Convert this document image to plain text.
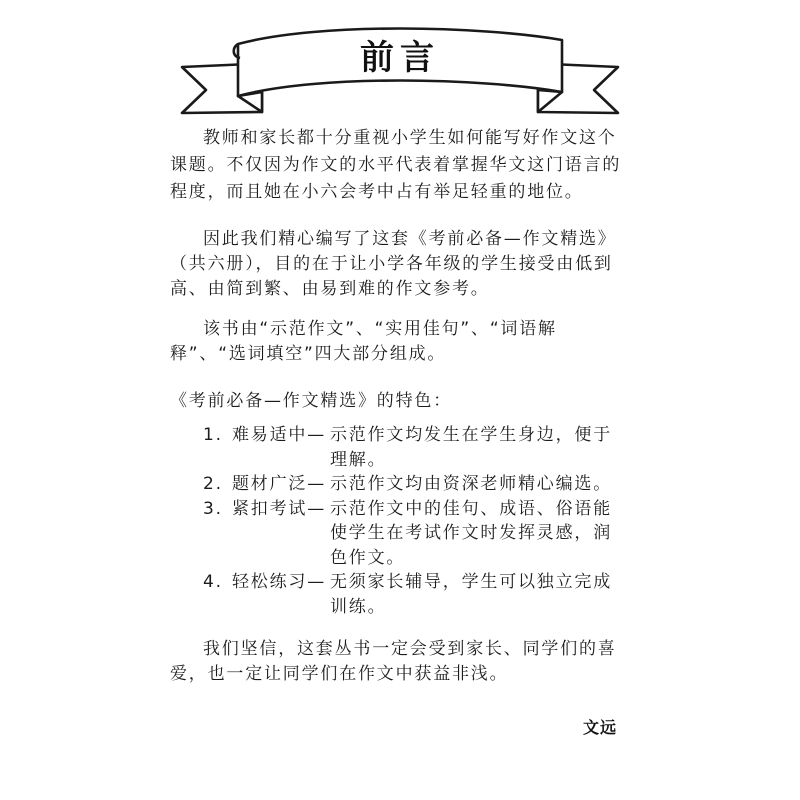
前言
教师和家长都十分重视小学生如何能写好作文这个
课题。不仅因为作文的水平代表着掌握华文这门语言的
程度，而且她在小六会考中占有举足轻重的地位。
因此我们精心编写了这套《考前必备—作文精选》
（共六册），目的在于让小学各年级的学生接受由低到
高、由简到繁、由易到难的作文参考。
该书由“示范作文”、“实用佳句”、“词语解
释”、“选词填空”四大部分组成。
《考前必备—作文精选》的特色：
1. 难易适中— 示范作文均发生在学生身边，便于
理解。
2. 题材广泛— 示范作文均由资深老师精心编选。
3. 紧扣考试— 示范作文中的佳句、成语、俗语能
使学生在考试作文时发挥灵感，润
色作文。
4. 轻松练习— 无须家长辅导，学生可以独立完成
训练。
我们坚信，这套丛书一定会受到家长、同学们的喜
爱，也一定让同学们在作文中获益非浅。
文远
